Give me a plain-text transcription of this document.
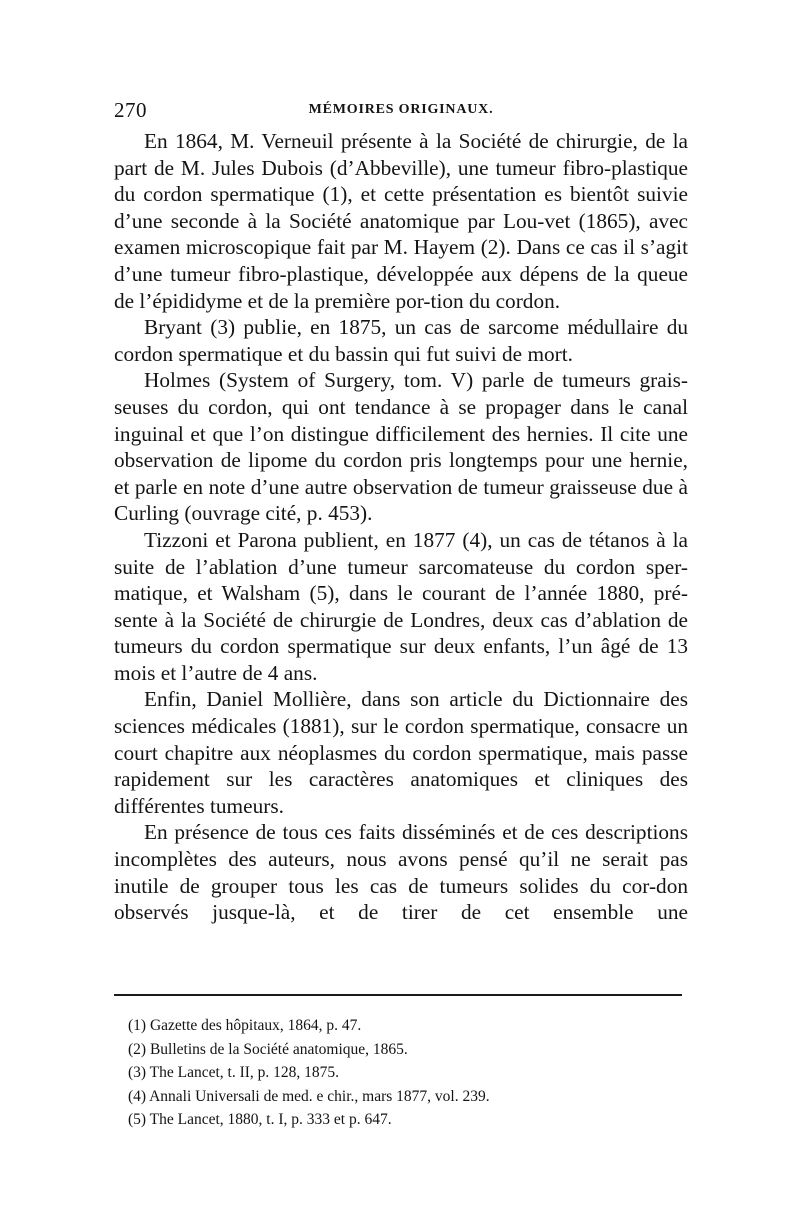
270	MÉMOIRES ORIGINAUX.

En 1864, M. Verneuil présente à la Société de chirurgie, de la part de M. Jules Dubois (d’Abbeville), une tumeur fibro-plastique du cordon spermatique (1), et cette présentation es bientôt suivie d’une seconde à la Société anatomique par Lou-vet (1865), avec examen microscopique fait par M. Hayem (2). Dans ce cas il s’agit d’une tumeur fibro-plastique, développée aux dépens de la queue de l’épididyme et de la première por-tion du cordon.

Bryant (3) publie, en 1875, un cas de sarcome médullaire du cordon spermatique et du bassin qui fut suivi de mort.

Holmes (System of Surgery, tom. V) parle de tumeurs grais-seuses du cordon, qui ont tendance à se propager dans le canal inguinal et que l’on distingue difficilement des hernies. Il cite une observation de lipome du cordon pris longtemps pour une hernie, et parle en note d’une autre observation de tumeur graisseuse due à Curling (ouvrage cité, p. 453).

Tizzoni et Parona publient, en 1877 (4), un cas de tétanos à la suite de l’ablation d’une tumeur sarcomateuse du cordon sper-matique, et Walsham (5), dans le courant de l’année 1880, pré-sente à la Société de chirurgie de Londres, deux cas d’ablation de tumeurs du cordon spermatique sur deux enfants, l’un âgé de 13 mois et l’autre de 4 ans.

Enfin, Daniel Mollière, dans son article du Dictionnaire des sciences médicales (1881), sur le cordon spermatique, consacre un court chapitre aux néoplasmes du cordon spermatique, mais passe rapidement sur les caractères anatomiques et cliniques des différentes tumeurs.

En présence de tous ces faits disséminés et de ces descriptions incomplètes des auteurs, nous avons pensé qu’il ne serait pas inutile de grouper tous les cas de tumeurs solides du cor-don observés jusque-là, et de tirer de cet ensemble une

(1) Gazette des hôpitaux, 1864, p. 47.
(2) Bulletins de la Société anatomique, 1865.
(3) The Lancet, t. II, p. 128, 1875.
(4) Annali Universali de med. e chir., mars 1877, vol. 239.
(5) The Lancet, 1880, t. I, p. 333 et p. 647.
